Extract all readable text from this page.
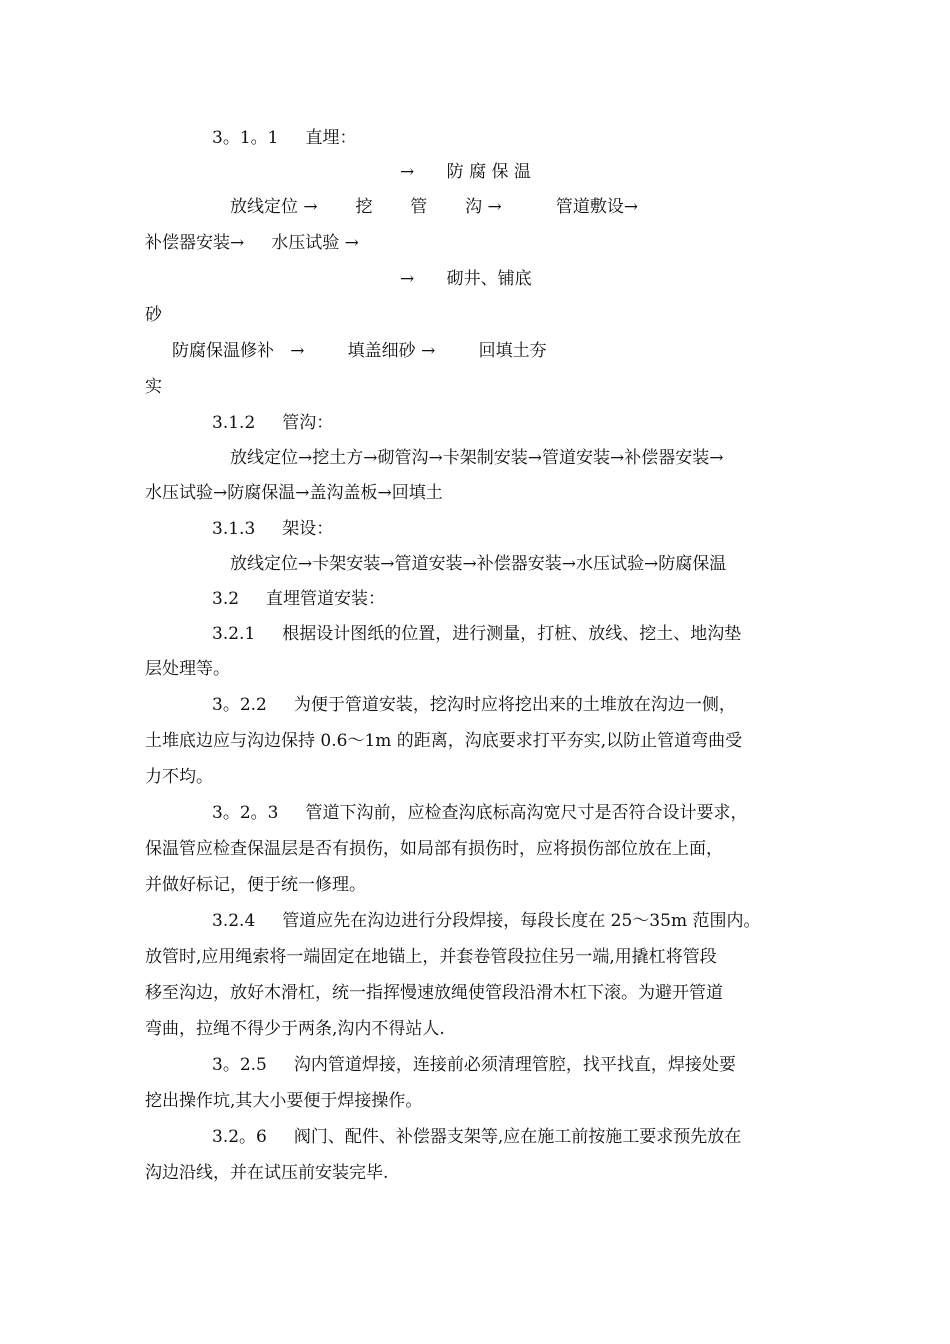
3。1。1     直埋：
→      防 腐 保 温
放线定位 →       挖       管       沟 →          管道敷设→
补偿器安装→     水压试验 →
→      砌井、铺底
砂
防腐保温修补   →        填盖细砂 →        回填土夯
实
3.1.2     管沟：
放线定位→挖土方→砌管沟→卡架制安装→管道安装→补偿器安装→
水压试验→防腐保温→盖沟盖板→回填土
3.1.3     架设：
放线定位→卡架安装→管道安装→补偿器安装→水压试验→防腐保温
3.2     直埋管道安装：
3.2.1     根据设计图纸的位置，进行测量，打桩、放线、挖土、地沟垫
层处理等。
3。2.2     为便于管道安装，挖沟时应将挖出来的土堆放在沟边一侧，
土堆底边应与沟边保持 0.6～1m 的距离，沟底要求打平夯实,以防止管道弯曲受
力不均。
3。2。3     管道下沟前，应检查沟底标高沟宽尺寸是否符合设计要求，
保温管应检查保温层是否有损伤，如局部有损伤时，应将损伤部位放在上面，
并做好标记，便于统一修理。
3.2.4     管道应先在沟边进行分段焊接，每段长度在 25～35m 范围内。
放管时,应用绳索将一端固定在地锚上，并套卷管段拉住另一端,用撬杠将管段
移至沟边，放好木滑杠，统一指挥慢速放绳使管段沿滑木杠下滚。为避开管道
弯曲，拉绳不得少于两条,沟内不得站人.
3。2.5     沟内管道焊接，连接前必须清理管腔，找平找直，焊接处要
挖出操作坑,其大小要便于焊接操作。
3.2。6     阀门、配件、补偿器支架等,应在施工前按施工要求预先放在
沟边沿线，并在试压前安装完毕.
